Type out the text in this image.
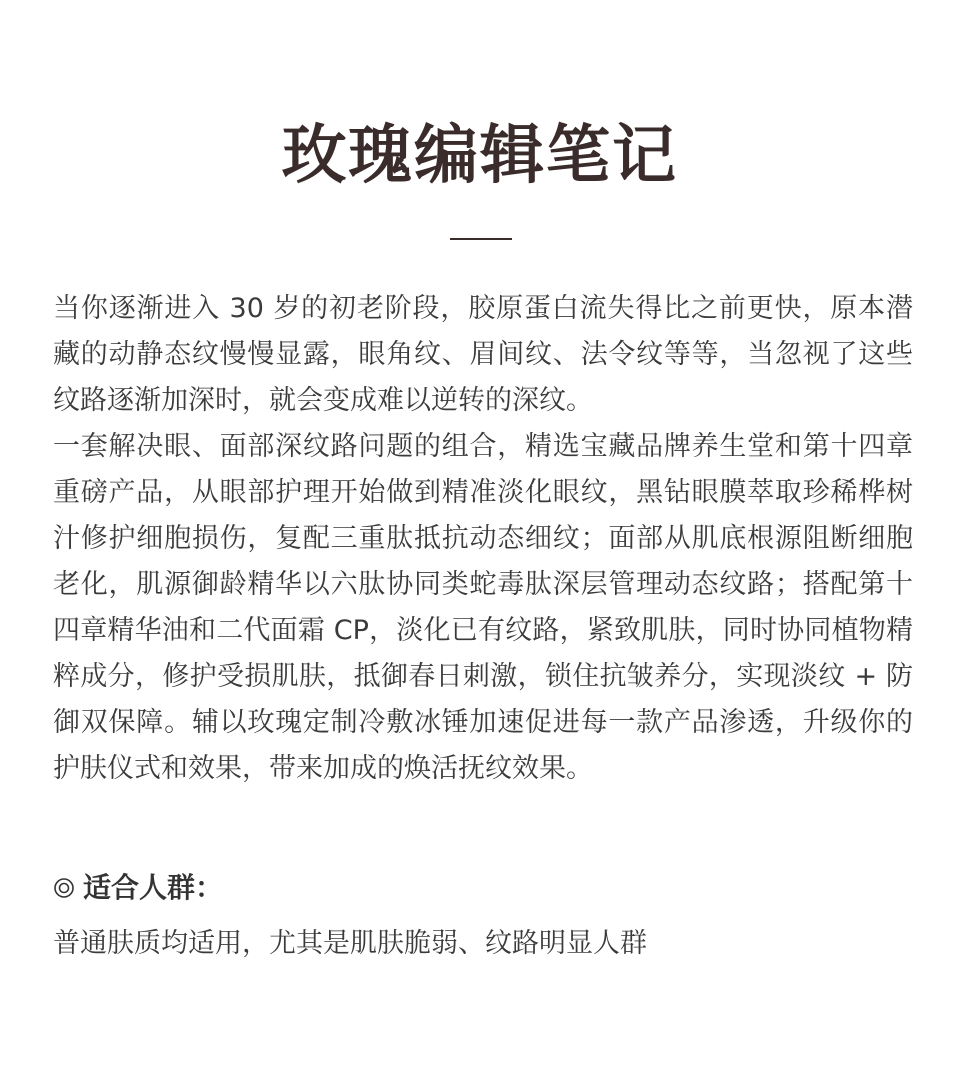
玫瑰编辑笔记

当你逐渐进入 30 岁的初老阶段，胶原蛋白流失得比之前更快，原本潜藏的动静态纹慢慢显露，眼角纹、眉间纹、法令纹等等，当忽视了这些纹路逐渐加深时，就会变成难以逆转的深纹。

一套解决眼、面部深纹路问题的组合，精选宝藏品牌养生堂和第十四章重磅产品，从眼部护理开始做到精准淡化眼纹，黑钻眼膜萃取珍稀桦树汁修护细胞损伤，复配三重肽抵抗动态细纹；面部从肌底根源阻断细胞老化，肌源御龄精华以六肽协同类蛇毒肽深层管理动态纹路；搭配第十四章精华油和二代面霜 CP，淡化已有纹路，紧致肌肤，同时协同植物精粹成分，修护受损肌肤，抵御春日刺激，锁住抗皱养分，实现淡纹 + 防御双保障。辅以玫瑰定制冷敷冰锤加速促进每一款产品渗透，升级你的护肤仪式和效果，带来加成的焕活抚纹效果。

适合人群：
普通肤质均适用，尤其是肌肤脆弱、纹路明显人群
